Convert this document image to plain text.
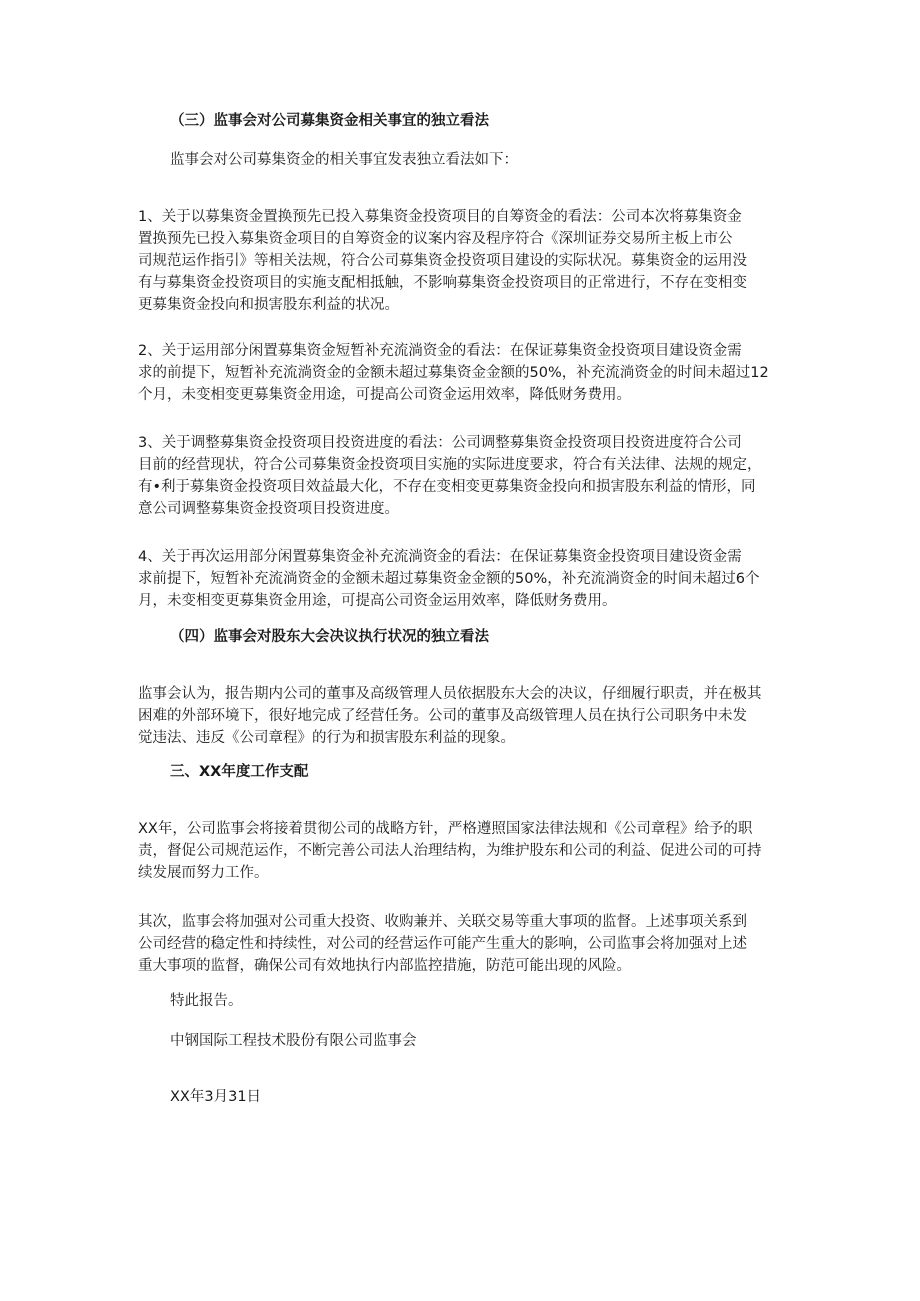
（三）监事会对公司募集资金相关事宜的独立看法

监事会对公司募集资金的相关事宜发表独立看法如下：

1、关于以募集资金置换预先已投入募集资金投资项目的自筹资金的看法：公司本次将募集资金
置换预先已投入募集资金项目的自筹资金的议案内容及程序符合《深圳证券交易所主板上市公
司规范运作指引》等相关法规，符合公司募集资金投资项目建设的实际状况。募集资金的运用没
有与募集资金投资项目的实施支配相抵触，不影响募集资金投资项目的正常进行，不存在变相变
更募集资金投向和损害股东利益的状况。
2、关于运用部分闲置募集资金短暂补充流淌资金的看法：在保证募集资金投资项目建设资金需
求的前提下，短暂补充流淌资金的金额未超过募集资金金额的50%，补充流淌资金的时间未超过12
个月，未变相变更募集资金用途，可提高公司资金运用效率，降低财务费用。
3、关于调整募集资金投资项目投资进度的看法：公司调整募集资金投资项目投资进度符合公司
目前的经营现状，符合公司募集资金投资项目实施的实际进度要求，符合有关法律、法规的规定，
有•利于募集资金投资项目效益最大化，不存在变相变更募集资金投向和损害股东利益的情形，同
意公司调整募集资金投资项目投资进度。
4、关于再次运用部分闲置募集资金补充流淌资金的看法：在保证募集资金投资项目建设资金需
求前提下，短暂补充流淌资金的金额未超过募集资金金额的50%，补充流淌资金的时间未超过6个
月，未变相变更募集资金用途，可提高公司资金运用效率，降低财务费用。

（四）监事会对股东大会决议执行状况的独立看法

监事会认为，报告期内公司的董事及高级管理人员依据股东大会的决议，仔细履行职责，并在极其
困难的外部环境下，很好地完成了经营任务。公司的董事及高级管理人员在执行公司职务中未发
觉违法、违反《公司章程》的行为和损害股东利益的现象。

三、XX年度工作支配

XX年，公司监事会将接着贯彻公司的战略方针，严格遵照国家法律法规和《公司章程》给予的职
责，督促公司规范运作，不断完善公司法人治理结构，为维护股东和公司的利益、促进公司的可持
续发展而努力工作。
其次，监事会将加强对公司重大投资、收购兼并、关联交易等重大事项的监督。上述事项关系到
公司经营的稳定性和持续性，对公司的经营运作可能产生重大的影响，公司监事会将加强对上述
重大事项的监督，确保公司有效地执行内部监控措施，防范可能出现的风险。

特此报告。

中钢国际工程技术股份有限公司监事会

XX年3月31日
